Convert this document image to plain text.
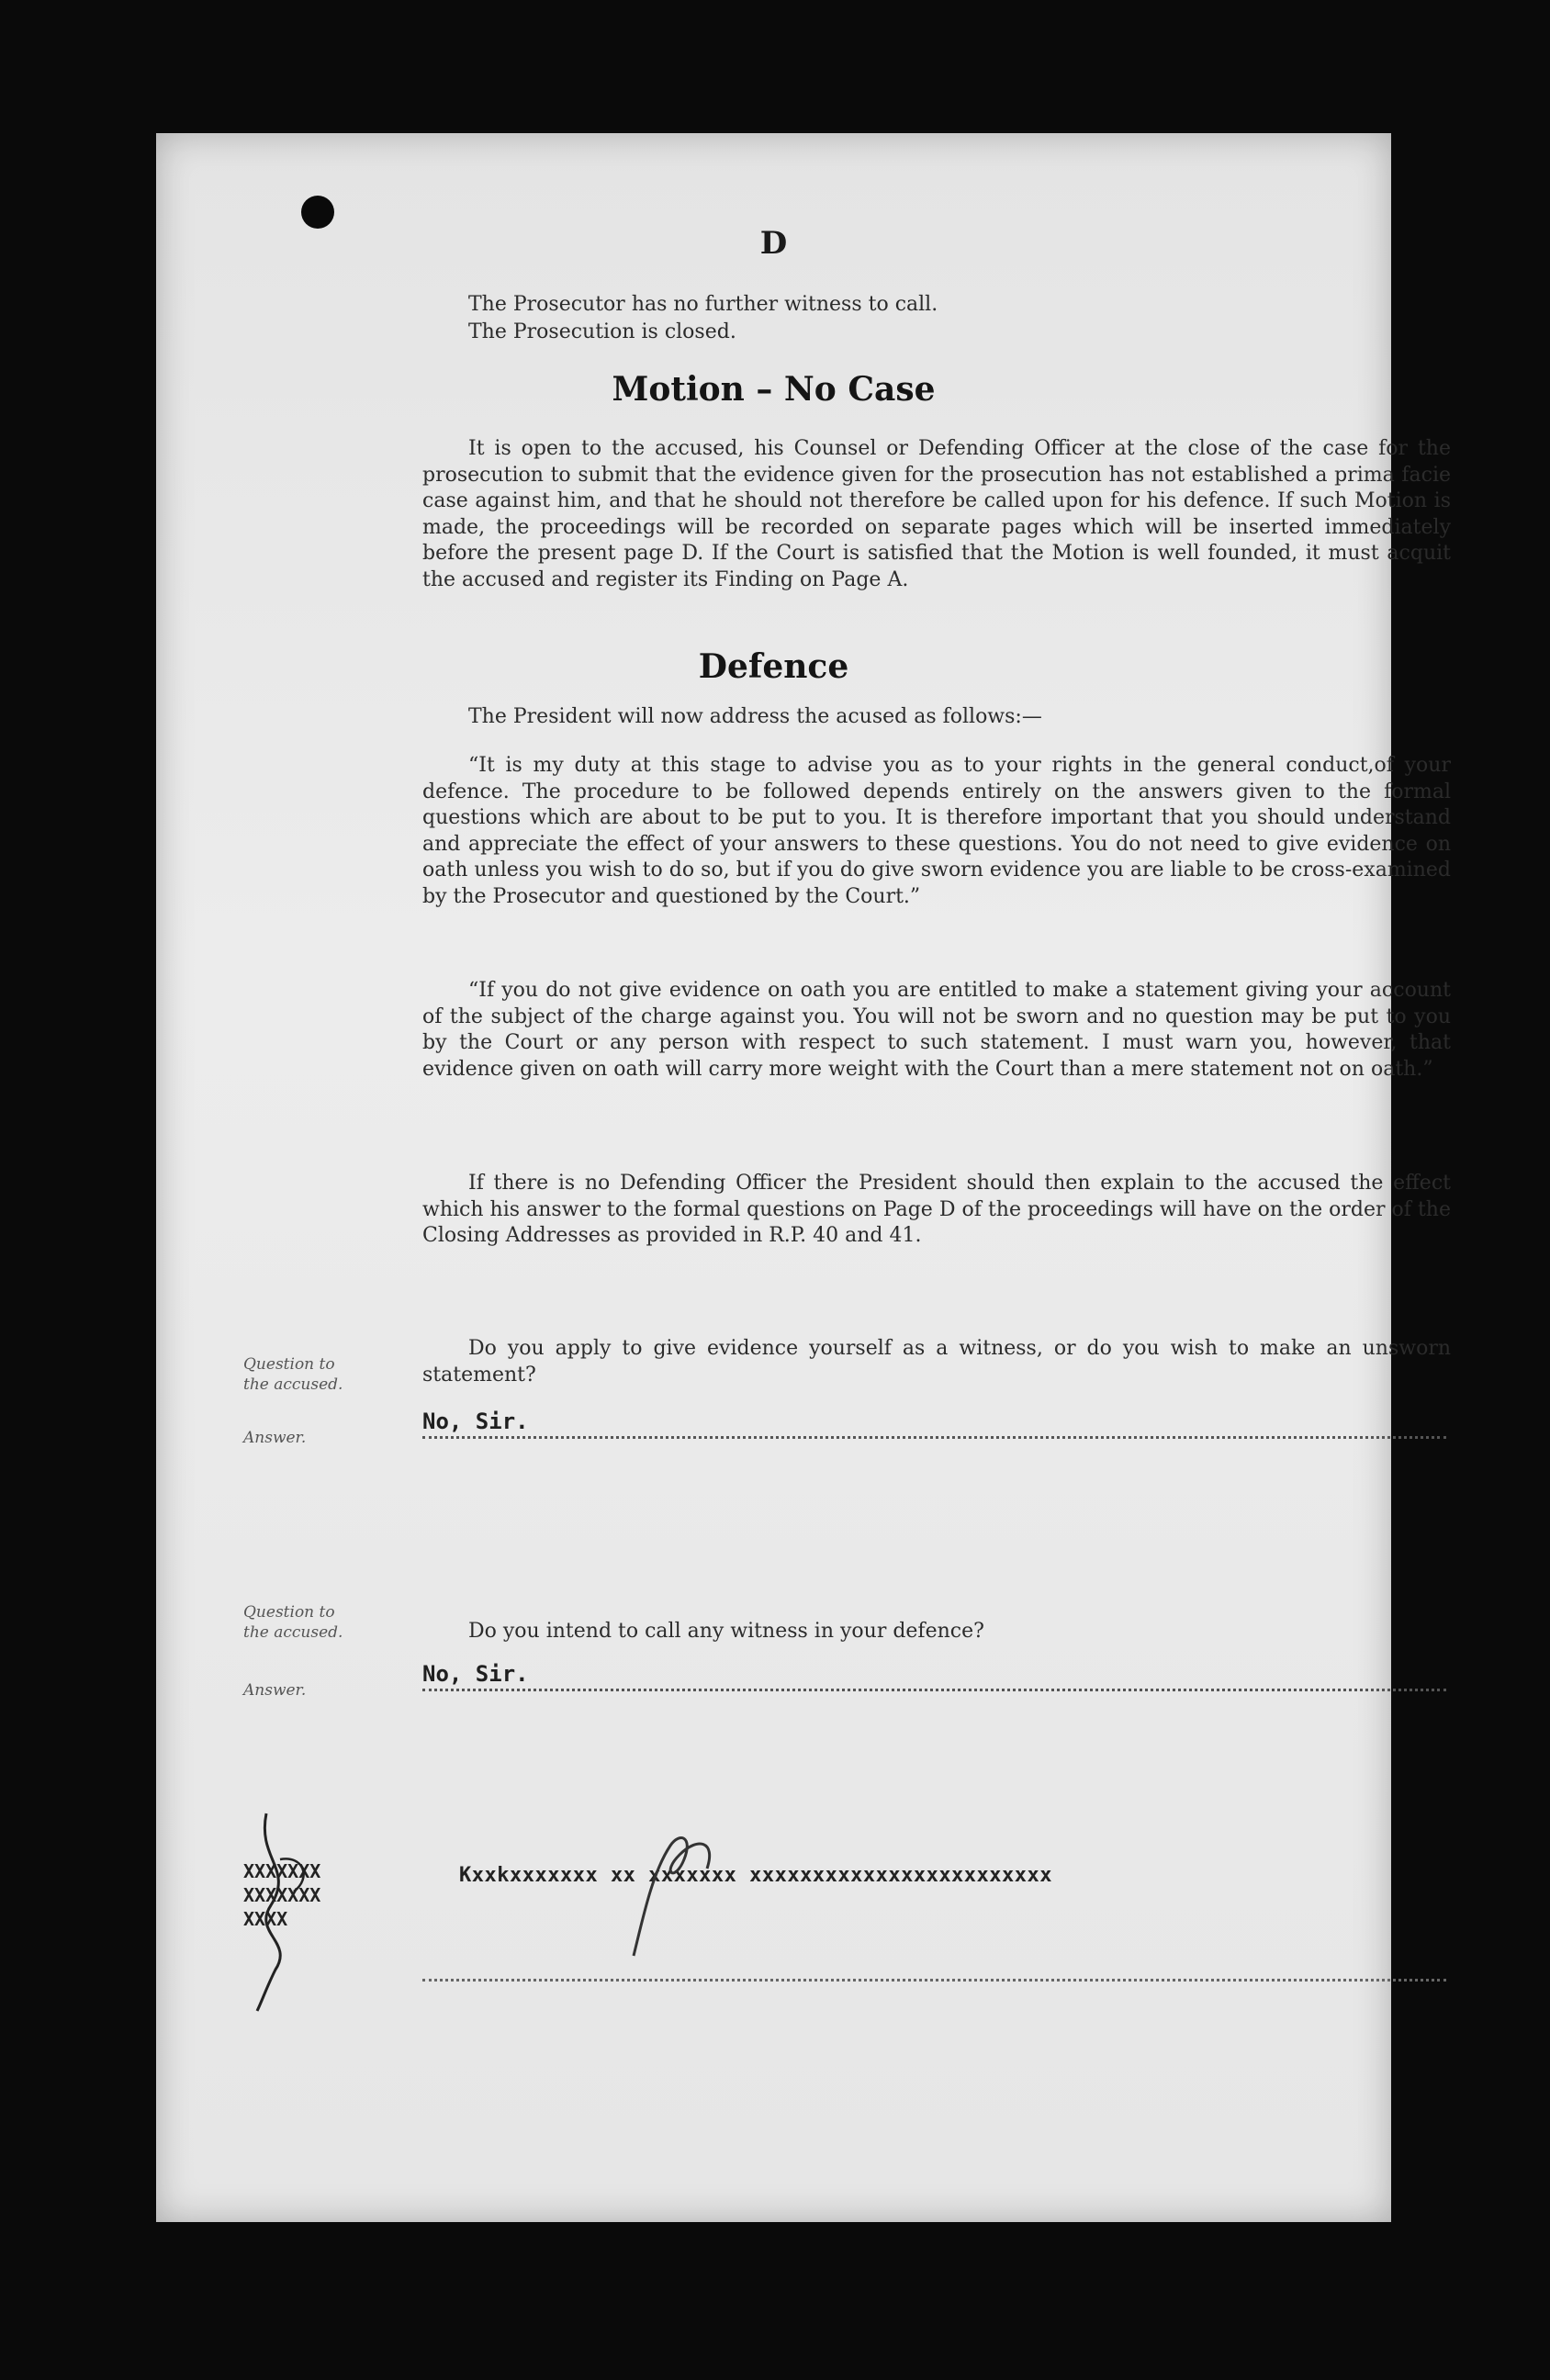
D
The Prosecutor has no further witness to call.
The Prosecution is closed.
Motion – No Case

It is open to the accused, his Counsel or Defending Officer at the close of the case for the prosecution to submit that the evidence given for the prosecution has not established a prima facie case against him, and that he should not therefore be called upon for his defence. If such Motion is made, the proceedings will be recorded on separate pages which will be inserted immediately before the present page D. If the Court is satisfied that the Motion is well founded, it must acquit the accused and register its Finding on Page A.

Defence

The President will now address the acused as follows:—

“It is my duty at this stage to advise you as to your rights in the general conduct,of your defence. The procedure to be followed depends entirely on the answers given to the formal questions which are about to be put to you. It is therefore important that you should understand and appreciate the effect of your answers to these questions. You do not need to give evidence on oath unless you wish to do so, but if you do give sworn evidence you are liable to be cross-examined by the Prosecutor and questioned by the Court.”

“If you do not give evidence on oath you are entitled to make a statement giving your account of the subject of the charge against you. You will not be sworn and no question may be put to you by the Court or any person with respect to such statement. I must warn you, however, that evidence given on oath will carry more weight with the Court than a mere statement not on oath.”

If there is no Defending Officer the President should then explain to the accused the effect which his answer to the formal questions on Page D of the proceedings will have on the order of the Closing Addresses as provided in R.P. 40 and 41.

Question to the accused.
Do you apply to give evidence yourself as a witness, or do you wish to make an unsworn statement?
Answer.
No, Sir.
Question to the accused.	Do you intend to call any witness in your defence?
Answer.
No, Sir.
XXXXXXX
XXXXXXX
XXXX
Kxxkxxxxxxx xx xxxxxxx xxxxxxxxxxxxxxxxxxxxxxxx
